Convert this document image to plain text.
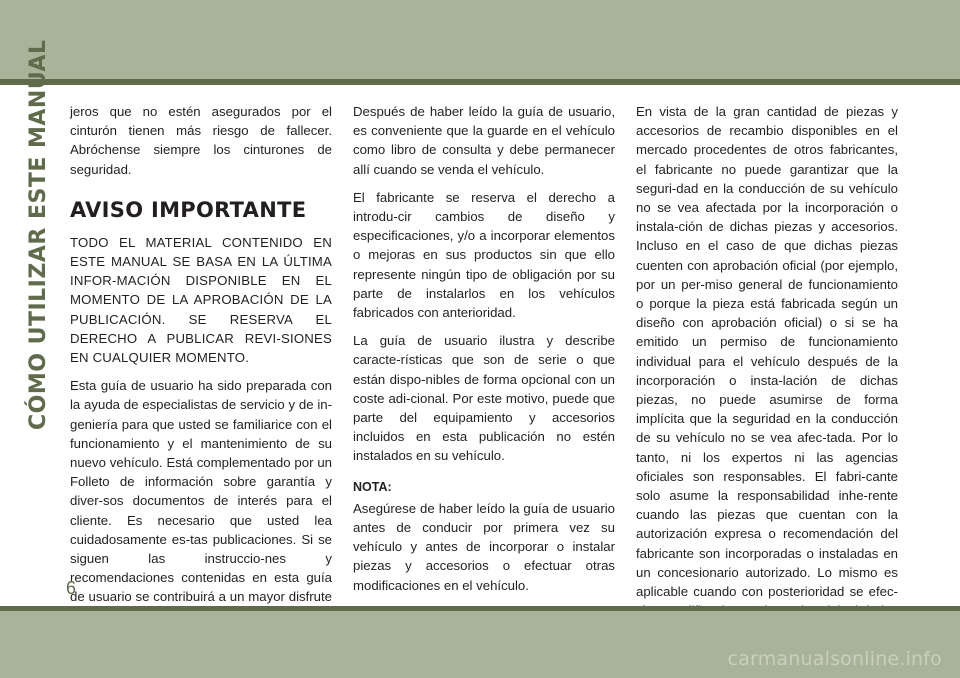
CÓMO UTILIZAR ESTE MANUAL jeros que no estén asegurados por el cinturón tienen más riesgo de fallecer. Abróchense siempre los cinturones de seguridad.

AVISO IMPORTANTE

TODO EL MATERIAL CONTENIDO EN ESTE MANUAL SE BASA EN LA ÚLTIMA INFOR-MACIÓN DISPONIBLE EN EL MOMENTO DE LA APROBACIÓN DE LA PUBLICACIÓN. SE RESERVA EL DERECHO A PUBLICAR REVI-SIONES EN CUALQUIER MOMENTO.

Esta guía de usuario ha sido preparada con la ayuda de especialistas de servicio y de in-geniería para que usted se familiarice con el funcionamiento y el mantenimiento de su nuevo vehículo. Está complementado por un Folleto de información sobre garantía y diver-sos documentos de interés para el cliente. Es necesario que usted lea cuidadosamente es-tas publicaciones. Si se siguen las instruccio-nes y recomendaciones contenidas en esta guía de usuario se contribuirá a un mayor disfrute

Después de haber leído la guía de usuario, es conveniente que la guarde en el vehículo como libro de consulta y debe permanecer allí cuando se venda el vehículo.

El fabricante se reserva el derecho a introdu-cir cambios de diseño y especificaciones, y/o a incorporar elementos o mejoras en sus productos sin que ello represente ningún tipo de obligación por su parte de instalarlos en los vehículos fabricados con anterioridad.

La guía de usuario ilustra y describe caracte-rísticas que son de serie o que están dispo-nibles de forma opcional con un coste adi-cional. Por este motivo, puede que parte del equipamiento y accesorios incluidos en esta publicación no estén instalados en su vehículo.

NOTA:

Asegúrese de haber leído la guía de usuario antes de conducir por primera vez su vehículo y antes de incorporar o instalar piezas y accesorios o efectuar otras modificaciones en el vehículo.

En vista de la gran cantidad de piezas y accesorios de recambio disponibles en el mercado procedentes de otros fabricantes, el fabricante no puede garantizar que la seguri-dad en la conducción de su vehículo no se vea afectada por la incorporación o instala-ción de dichas piezas y accesorios. Incluso en el caso de que dichas piezas cuenten con aprobación oficial (por ejemplo, por un per-miso general de funcionamiento o porque la pieza está fabricada según un diseño con aprobación oficial) o si se ha emitido un permiso de funcionamiento individual para el vehículo después de la incorporación o insta-lación de dichas piezas, no puede asumirse de forma implícita que la seguridad en la conducción de su vehículo no se vea afec-tada. Por lo tanto, ni los expertos ni las agencias oficiales son responsables. El fabri-cante solo asume la responsabilidad inhe-rente cuando las piezas que cuentan con la autorización expresa o recomendación del fabricante son incorporadas o instaladas en un concesionario autorizado. Lo mismo es aplicable cuando con posterioridad se efec-

6
carmanualsonline.info
